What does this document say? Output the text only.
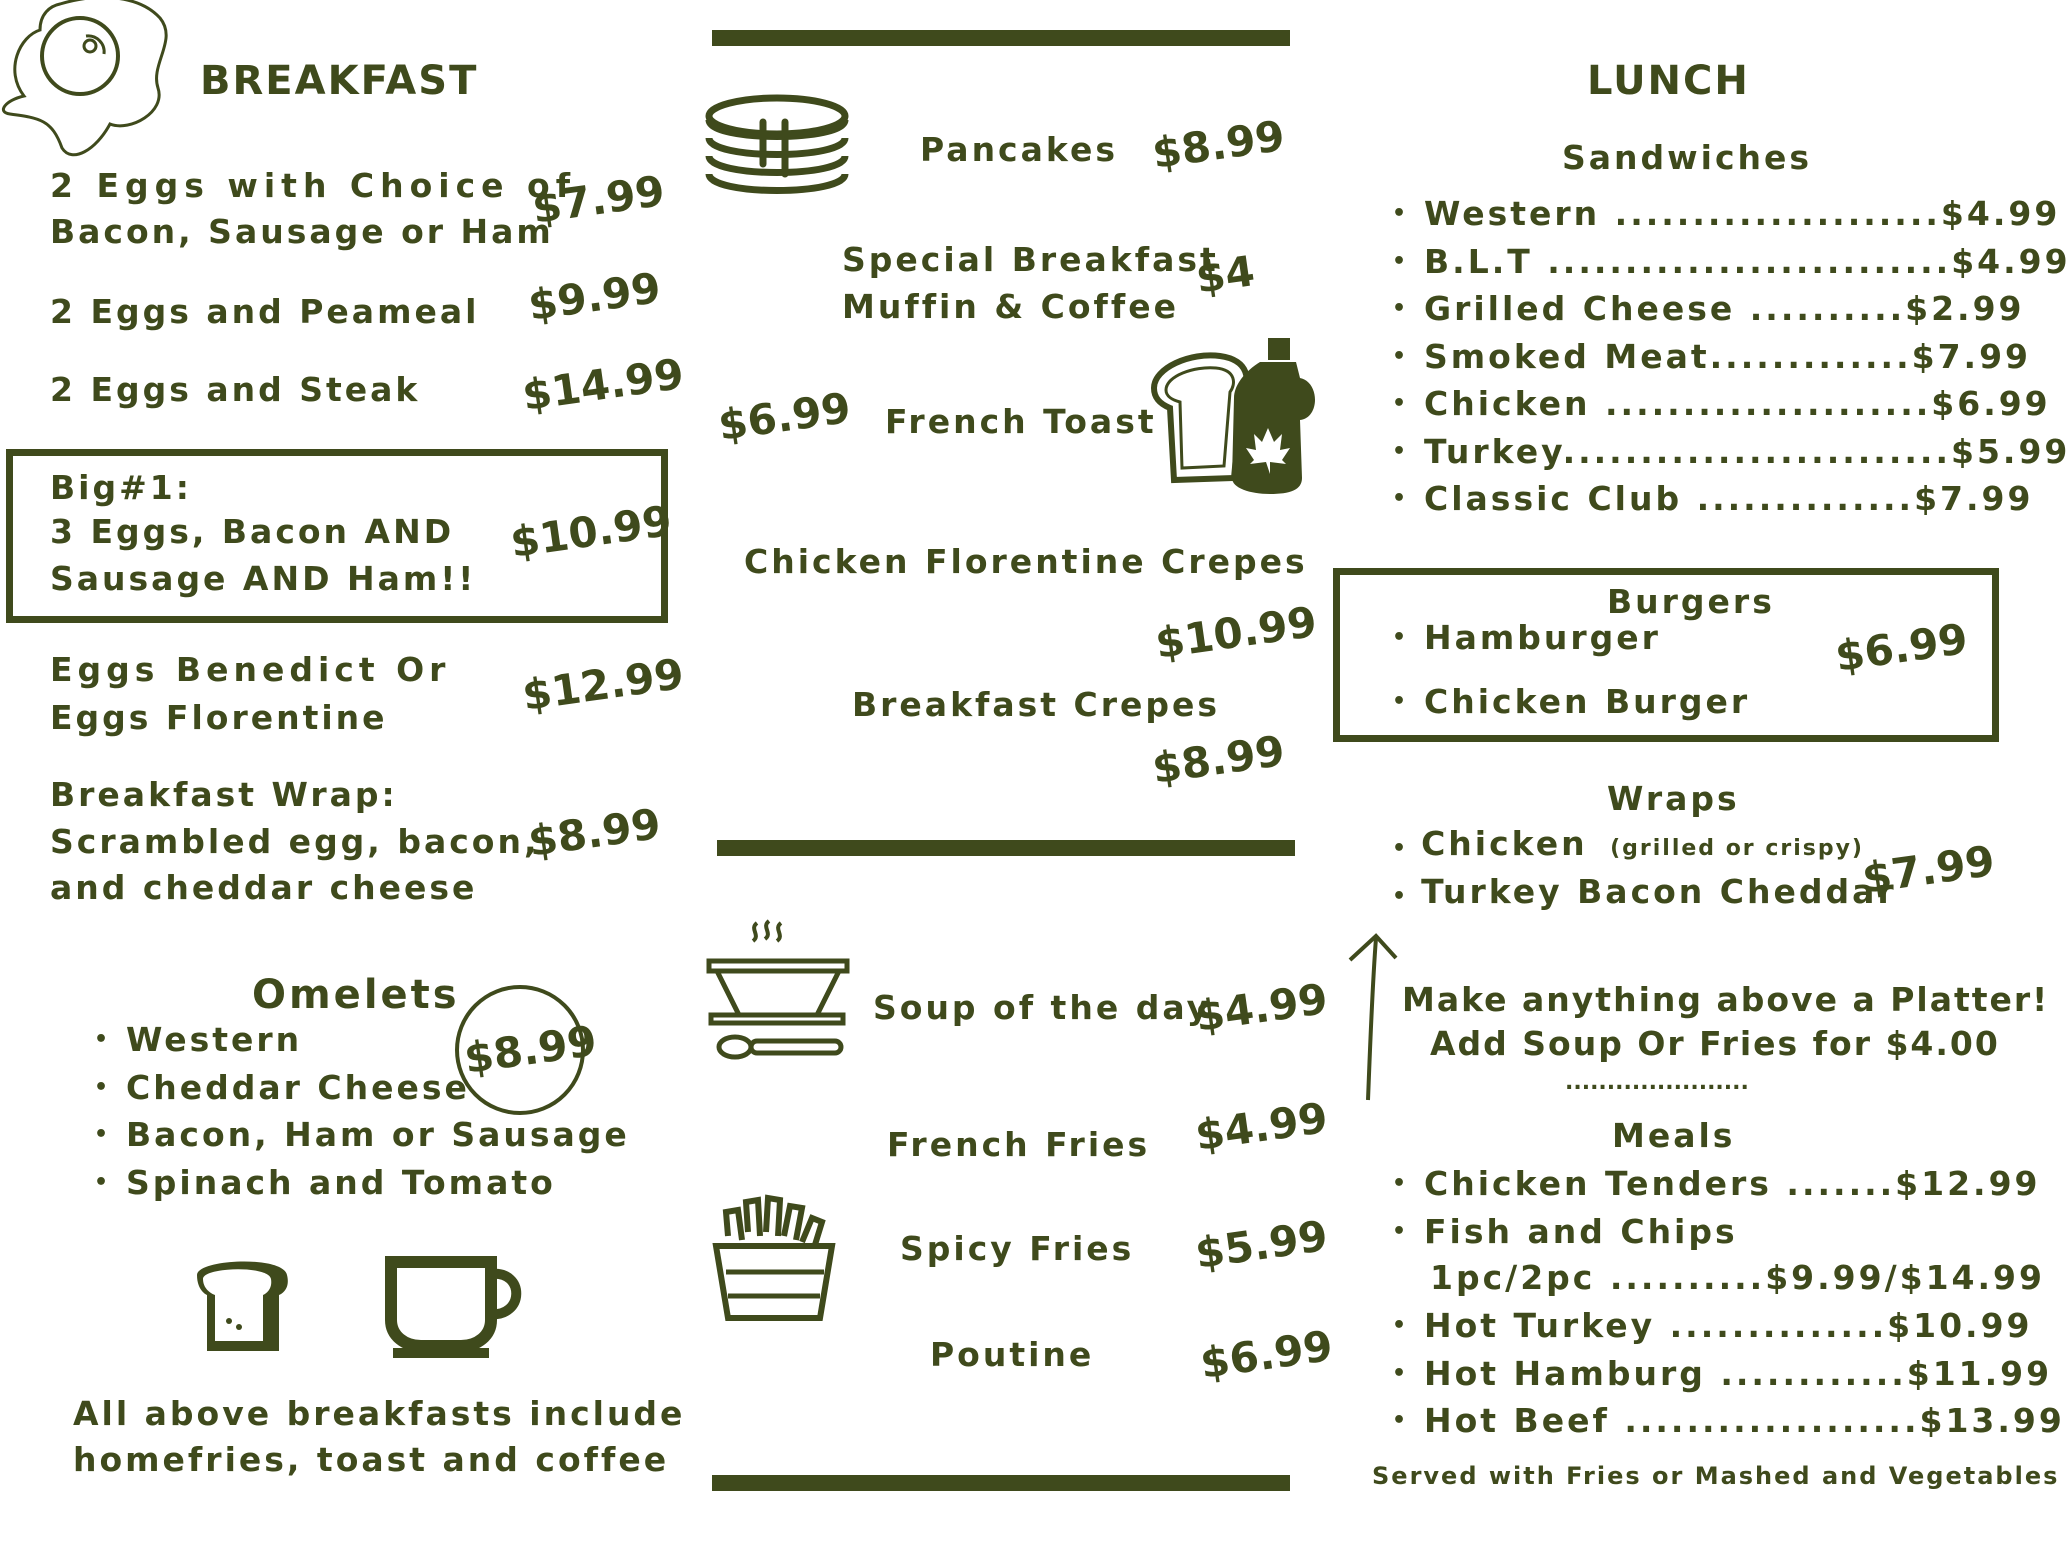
BREAKFAST
2 Eggs with Choice of
Bacon, Sausage or Ham
$7.99
2 Eggs and Peameal $9.99
2 Eggs and Steak $14.99
Big#1:
3 Eggs, Bacon AND
Sausage AND Ham!!
$10.99
Eggs Benedict Or
Eggs Florentine	$12.99
Breakfast Wrap:
Scrambled egg, bacon,
and cheddar cheese
$8.99
Omelets
• Western
• Cheddar Cheese
• Bacon, Ham or Sausage
• Spinach and Tomato
$8.99
All above breakfasts include
homefries, toast and coffee
Pancakes $8.99
Special Breakfast
Muffin & Coffee
$4
$6.99 French Toast
Chicken Florentine Crepes
$10.99
Breakfast Crepes
$8.99
Soup of the day
$4.99
French Fries $4.99
Spicy Fries $5.99
Poutine $6.99
LUNCH
Sandwiches
• Western .....................$4.99
• B.L.T ..........................$4.99
• Grilled Cheese ..........$2.99
• Smoked Meat.............$7.99
• Chicken .....................$6.99
• Turkey.........................$5.99
• Classic Club ..............$7.99
Burgers
• Hamburger
• Chicken Burger
$6.99
Wraps
• Chicken (grilled or crispy)
• Turkey Bacon Cheddar
$7.99
Make anything above a Platter!
Add Soup Or Fries for $4.00
......................
Meals
• Chicken Tenders .......$12.99
• Fish and Chips
1pc/2pc ..........$9.99/$14.99
• Hot Turkey ..............$10.99
• Hot Hamburg ............$11.99
• Hot Beef ...................$13.99
Served with Fries or Mashed and Vegetables
